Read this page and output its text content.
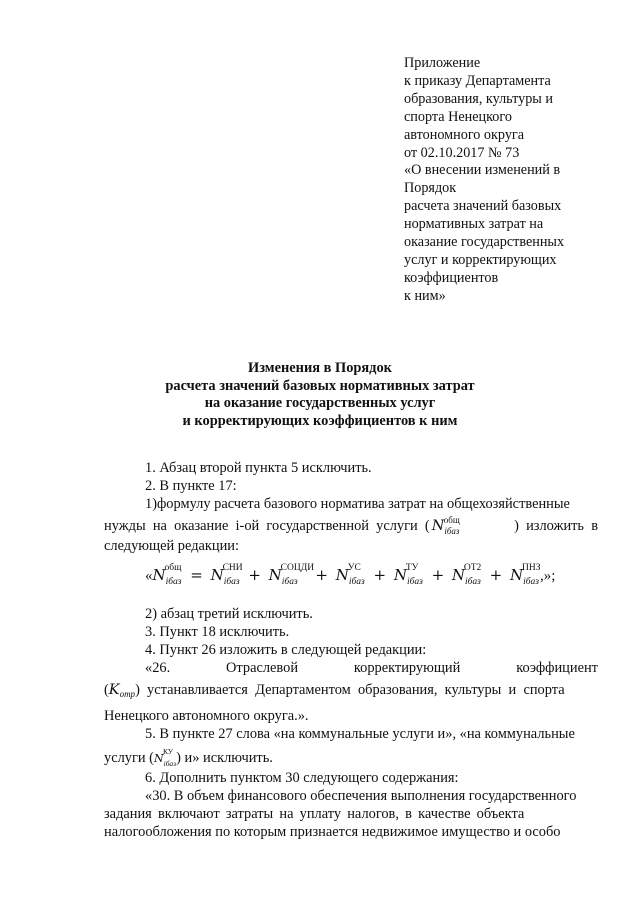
Приложение
к приказу Департамента
образования, культуры и
спорта Ненецкого
автономного округа
от 02.10.2017 № 73
«О внесении изменений в
Порядок
расчета значений базовых
нормативных затрат на
оказание государственных
услуг и корректирующих
коэффициентов
к ним»
Изменения в Порядок
расчета значений базовых нормативных затрат
на оказание государственных услуг
и корректирующих коэффициентов к ним
1. Абзац второй пункта 5 исключить.
2. В пункте 17:
1)формулу расчета базового норматива затрат на общехозяйственные
нужды  на  оказание  i-ой  государственной  услуги  ( $N_{iбаз}$
общ	)  изложить  в
следующей редакции:
«N
общ
$_{iбаз}$ = N
СНИ
$_{iбаз}$ + N
СОЦДИ
$_{iбаз}$ + N
УС
$_{iбаз}$ + N
ТУ
$_{iбаз}$ + N
ОТ2
$_{iбаз}$ + N
ПНЗ
$_{iбаз}$,»;
2) абзац третий исключить.
3. Пункт 18 исключить.
4. Пункт 26 изложить в следующей редакции:
«26.	Отраслевой	корректирующий	коэффициент
$(K_{отр})$  устанавливается  Департаментом  образования,  культуры  и  спорта
Ненецкого автономного округа.».
5. В пункте 27 слова «на коммунальные услуги и», «на коммунальные
услуги ($N_{iбаз}$
КУ ) и» исключить.
6. Дополнить пунктом 30 следующего содержания:
«30. В объем финансового обеспечения выполнения государственного
задания  включают  затраты  на  уплату  налогов,  в  качестве  объекта
налогообложения по которым признается недвижимое имущество и особо
